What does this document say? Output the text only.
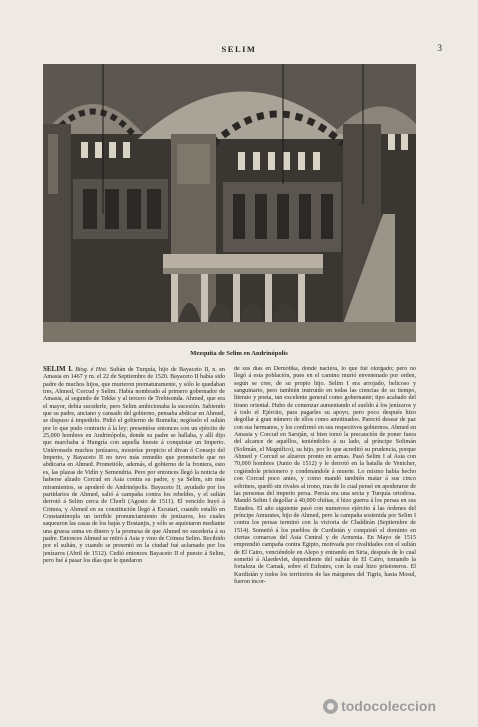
SELIM	3
Mezquita de Selim en Andrinópolis

SELIM I. Biog. é Hist. Sultán de Turquía, hijo de Bayaceto II, n. en Amasia en 1467 y m. el 22 de Septiembre de 1520. Bayaceto II había sido padre de muchos hijos, que murieron prematuramente, y sólo le quedaban tres, Ahmed, Corcud y Selim. Había nombrado al primero gobernador de Amasia, al segundo de Tekke y al tercero de Trebisonda. Ahmed, que era el mayor, debía sucederle, pero Selim ambicionaba la sucesión. Sabiendo que su padre, anciano y cansado del gobierno, pensaba abdicar en Ahmed, se dispuso á impedirlo. Pidió el gobierno de Rumelia; negóselo el sultán por lo que pudo contrario á la ley; presentóse entonces con un ejército de 25,000 hombres en Andrinópolis, donde su padre se hallaba, y allí dijo que marchaba á Hungría con aquella hueste á conquistar un Imperio. Uniéronsele muchos jenízaros, mostróse propicio el divan ó Consejo del Imperio, y Bayaceto II no tuvo más remedio que prometerle que no abdicaría en Ahmed. Prometióle, además, el gobierno de la frontera, esto es, las plazas de Vidín y Semendria. Pero por entonces llegó la noticia de haberse alzado Corcud en Asia contra su padre, y ya Selim, sin más miramientos, se apoderó de Andrinópolis. Bayaceto II, ayudado por los partidarios de Ahmed, salió á campaña contra los rebeldes, y el sultán derrotó á Selim cerca de Chorli (Agosto de 1511). El vencido huyó á Crimea, y Ahmed en su constitución llegó á Escutari, cuando estalló en Constantinopla un terrible pronunciamiento de jenízaros, los cuales saquearon las casas de los bajás y Bostanjis, y sólo se aquietaron mediante una gruesa suma en dinero y la promesa de que Ahmed no sucedería á su padre. Entonces Ahmed se retiró á Asia y vino de Crimea Selim. Recibido por el sultán, y cuando se presentó en la ciudad fué aclamado por los jenízaros (Abril de 1512). Cedió entonces Bayaceto II el puesto á Selim, pero fué á pasar los días que le quedaron

de sus días en Demótika, donde naciera, lo que fué otorgado; pero no llegó á esta población, pues en el camino murió envenenado por orden, según se cree, de su propio hijo. Selim I era arrojado, belicoso y sanguinario, pero también instruido en todas las ciencias de su tiempo, literato y poeta, tan excelente general como gobernante; tipo acabado del tirano oriental. Hubo de comenzar aumentando el sueldo á los jenízaros y á todo el Ejército, para pagarles su apoyo, pero poco después hizo degollar á gran número de ellos como amotinados. Pareció desear de paz con sus hermanos, y los confirmó en sus respectivos gobiernos. Ahmed en Amasia y Corcud en Saruján, si bien tomó la precaución de poner fuera del alcance de aquéllos, teniéndolos á su lado, al príncipe Solimán (Solimán, el Magnífico), su hijo, por lo que acreditó su prudencia, porque Ahmed y Corcud se alzaron pronto en armas. Pasó Selim I al Asia con 70,000 hombres (Junio de 1512) y le derrotó en la batalla de Yenicher, cogiéndole prisionero y condenándole á muerte. Lo mismo había hecho con Corcud poco antes, y como mandó también matar á sus cinco sobrinos, quedó sin rivales al trono, tras de lo cual pensó en apoderarse de las personas del imperio persa. Persia era una secta y Turquía ortodoxa. Mandó Selim I degollar á 40,000 chiítas, é hizo guerra á los persas en sus Estados. El año siguiente pasó con numeroso ejército á las órdenes del príncipe Amurates, hijo de Ahmed, pero la campaña sostenida por Selim I contra los persas terminó con la victoria de Chaldirán (Septiembre de 1514). Sometió á los pueblos de Curdistán y conquistó el dominio en ciertas comarcas del Asia Central y de Armenia. En Mayo de 1515 emprendió campaña contra Egipto, motivada por rivalidades con el sultán de El Cairo, venciéndole en Alepo y entrando en Siria, después de lo cual sometió á Alaedevlet, dependiente del sultán de El Cairo, tomando la fortaleza de Camak, sobre el Eufrates, con la cual hizo prisioneros. El Kurdistán y todos los territorios de las márgenes del Tigris, hasta Mosul, fueron incor-

todocoleccion
